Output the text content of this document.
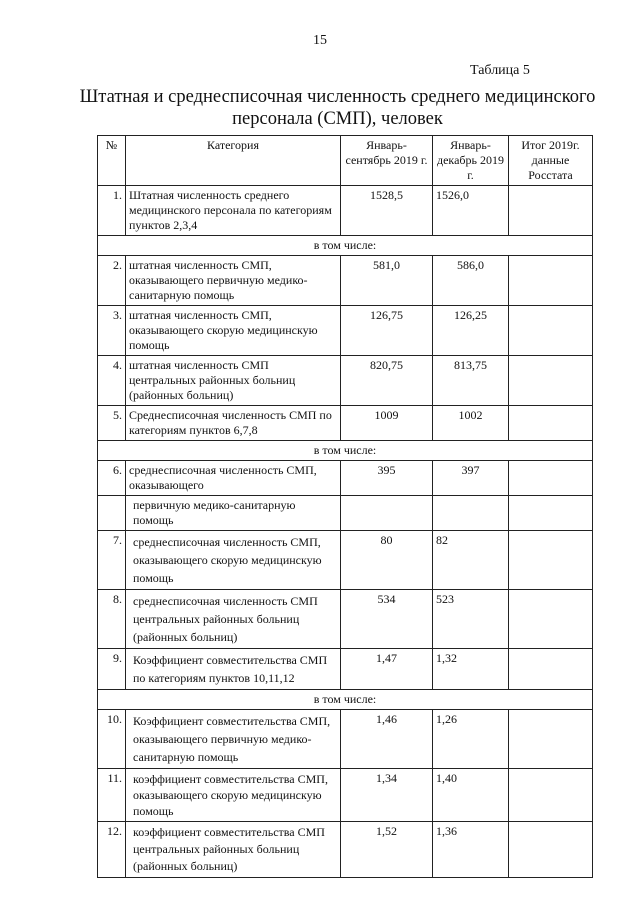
15
Таблица 5
Штатная и среднесписочная численность среднего медицинского персонала (СМП), человек
№	Категория	Январь-сентябрь 2019 г.	Январь-декабрь 2019 г.	Итог 2019г. данные Росстата
1.	Штатная численность среднего медицинского персонала по категориям пунктов 2,3,4	1528,5	1526,0	
в том числе:				
2.	штатная численность СМП, оказывающего первичную медико-санитарную помощь	581,0	586,0	
3.	штатная численность СМП, оказывающего скорую медицинскую помощь	126,75	126,25	
4.	штатная численность СМП центральных районных больниц (районных больниц)	820,75	813,75	
5.	Среднесписочная численность СМП по категориям пунктов 6,7,8	1009	1002	
в том числе:				
6.	среднесписочная численность СМП, оказывающего	395	397	
	первичную медико-санитарную помощь			
7.	среднесписочная численность СМП, оказывающего скорую медицинскую помощь	80	82	
8.	среднесписочная численность СМП центральных районных больниц (районных больниц)	534	523	
9.	Коэффициент совместительства СМП по категориям пунктов 10,11,12	1,47	1,32	
в том числе:				
10.	Коэффициент совместительства СМП, оказывающего первичную медико-санитарную помощь	1,46	1,26	
11.	коэффициент совместительства СМП, оказывающего скорую медицинскую помощь	1,34	1,40	
12.	коэффициент совместительства СМП центральных районных больниц (районных больниц)	1,52	1,36	
